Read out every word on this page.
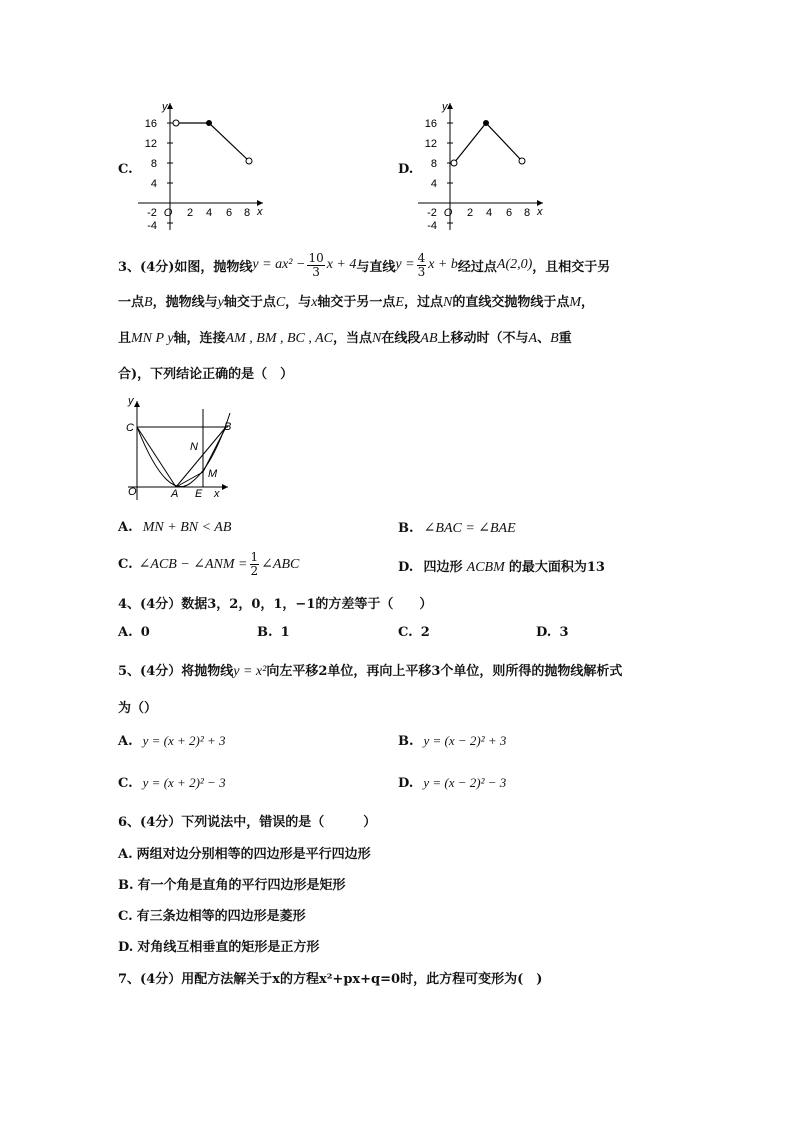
C.
16
12
8
4
-4
-2 O 2 4 6 8 x
y
D.
16
12
8
4
-4
-2 O 2 4 6 8 x
y
3、(4分)如图，抛物线 $y = ax^2 - \frac{10}{3}$ x + 4 与直线 $y = \frac{4}{3}$ x + b 经过点 A(2,0) ，且相交于另
一点B，抛物线与y轴交于点C，与x轴交于另一点E，过点N的直线交抛物线于点M，
且MN P y轴，连接AM , BM , BC , AC，当点N在线段AB上移动时（不与A、B重
合)，下列结论正确的是（　）
y
C	B
N
M
O	A E x
A. MN + BN < AB	B. ∠BAC = ∠BAE
C. ∠ACB − ∠ANM = $\frac{1}{2}$ ∠ABC	D. 四边形 ACBM 的最大面积为13
4、(4分）数据3，2，0，1，−1的方差等于（　　）
A. 0	B. 1	C. 2	D. 3
5、(4分）将抛物线y = x²向左平移2单位，再向上平移3个单位，则所得的抛物线解析式
为（）
A. y = (x + 2)² + 3	B. y = (x − 2)² + 3
C. y = (x + 2)² − 3	D. y = (x − 2)² − 3
6、(4分）下列说法中，错误的是（　　　）
A. 两组对边分别相等的四边形是平行四边形
B. 有一个角是直角的平行四边形是矩形
C. 有三条边相等的四边形是菱形
D. 对角线互相垂直的矩形是正方形
7、(4分）用配方法解关于x的方程x²+px+q=0时，此方程可变形为(　)
